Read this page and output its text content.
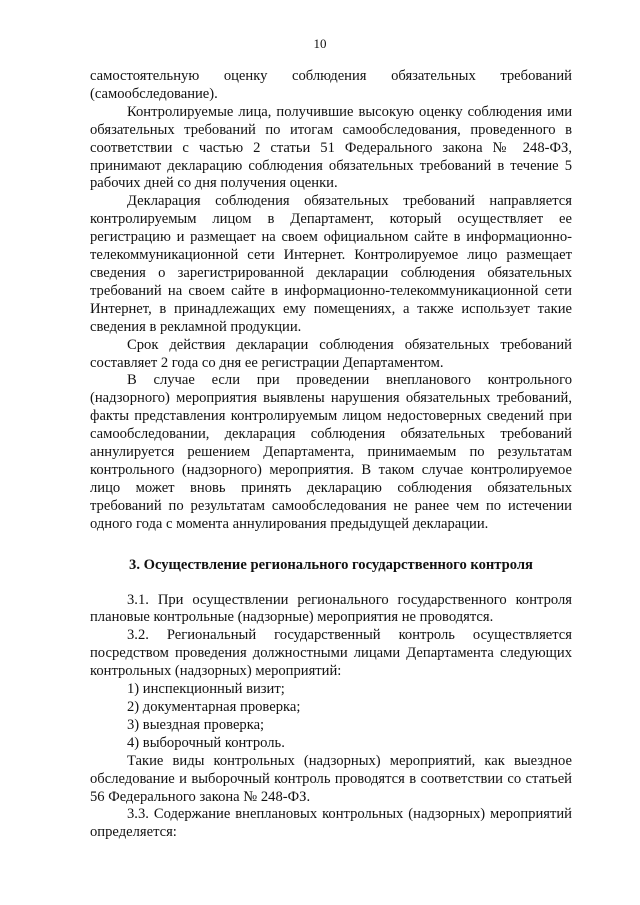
10

самостоятельную оценку соблюдения обязательных требований (самообследование).

Контролируемые лица, получившие высокую оценку соблюдения ими обязательных требований по итогам самообследования, проведенного в соответствии с частью 2 статьи 51 Федерального закона № 248-ФЗ, принимают декларацию соблюдения обязательных требований в течение 5 рабочих дней со дня получения оценки.

Декларация соблюдения обязательных требований направляется контролируемым лицом в Департамент, который осуществляет ее регистрацию и размещает на своем официальном сайте в информационно-телекоммуникационной сети Интернет. Контролируемое лицо размещает сведения о зарегистрированной декларации соблюдения обязательных требований на своем сайте в информационно-телекоммуникационной сети Интернет, в принадлежащих ему помещениях, а также использует такие сведения в рекламной продукции.

Срок действия декларации соблюдения обязательных требований составляет 2 года со дня ее регистрации Департаментом.

В случае если при проведении внепланового контрольного (надзорного) мероприятия выявлены нарушения обязательных требований, факты представления контролируемым лицом недостоверных сведений при самообследовании, декларация соблюдения обязательных требований аннулируется решением Департамента, принимаемым по результатам контрольного (надзорного) мероприятия. В таком случае контролируемое лицо может вновь принять декларацию соблюдения обязательных требований по результатам самообследования не ранее чем по истечении одного года с момента аннулирования предыдущей декларации.

3. Осуществление регионального государственного контроля

3.1. При осуществлении регионального государственного контроля плановые контрольные (надзорные) мероприятия не проводятся.

3.2. Региональный государственный контроль осуществляется посредством проведения должностными лицами Департамента следующих контрольных (надзорных) мероприятий:

1) инспекционный визит;

2) документарная проверка;

3) выездная проверка;

4) выборочный контроль.

Такие виды контрольных (надзорных) мероприятий, как выездное обследование и выборочный контроль проводятся в соответствии со статьей 56 Федерального закона № 248-ФЗ.

3.3. Содержание внеплановых контрольных (надзорных) мероприятий определяется:
